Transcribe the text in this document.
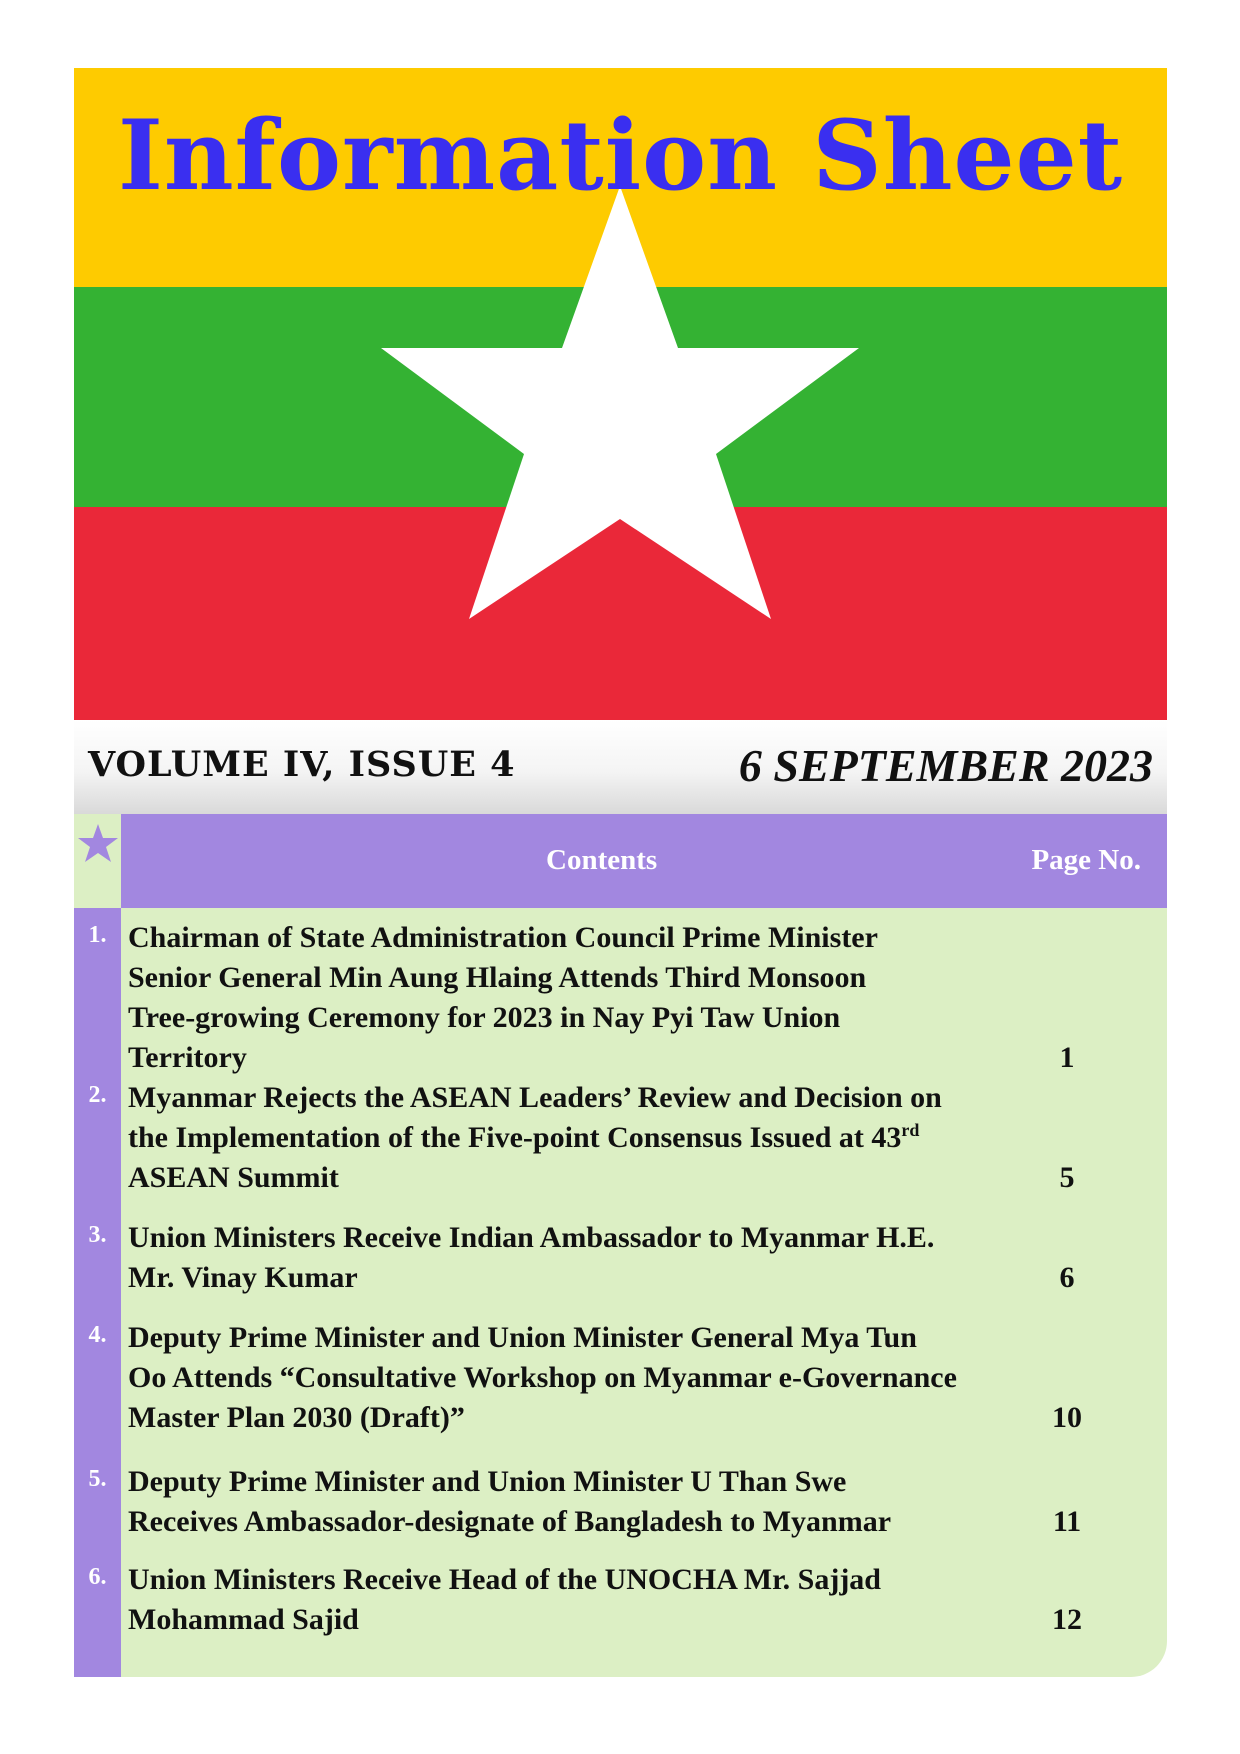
Information Sheet
VOLUME IV, ISSUE 4	6 SEPTEMBER 2023
Contents	Page No.
1. Chairman of State Administration Council Prime Minister
Senior General Min Aung Hlaing Attends Third Monsoon
Tree-growing Ceremony for 2023 in Nay Pyi Taw Union
Territory	1
2. Myanmar Rejects the ASEAN Leaders’ Review and Decision on
the Implementation of the Five-point Consensus Issued at 43rd
ASEAN Summit	5
3. Union Ministers Receive Indian Ambassador to Myanmar H.E.
Mr. Vinay Kumar	6
4. Deputy Prime Minister and Union Minister General Mya Tun
Oo Attends “Consultative Workshop on Myanmar e-Governance
Master Plan 2030 (Draft)”	10
5. Deputy Prime Minister and Union Minister U Than Swe
Receives Ambassador-designate of Bangladesh to Myanmar	11
6. Union Ministers Receive Head of the UNOCHA Mr. Sajjad
Mohammad Sajid	12
